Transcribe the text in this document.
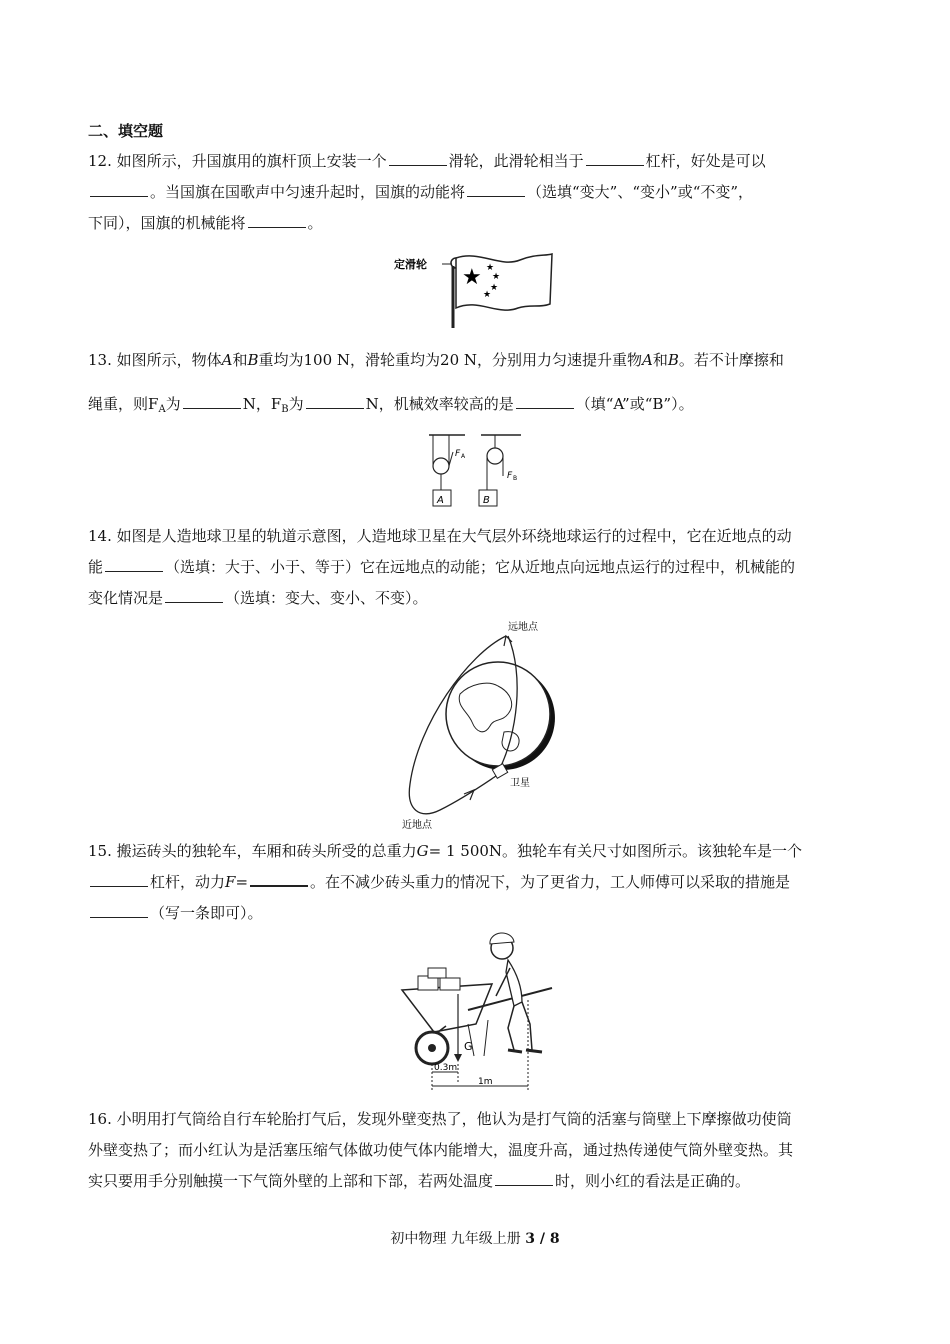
二、填空题
12. 如图所示，升国旗用的旗杆顶上安装一个	滑轮，此滑轮相当于	杠杆，好处是可以
。当国旗在国歌声中匀速升起时，国旗的动能将	（选填“变大”、“变小”或“不变”，
下同），国旗的机械能将	。
定滑轮
★ ★
★
★
★
13. 如图所示，物体A和B重均为100 N，滑轮重均为20 N，分别用力匀速提升重物A和B。若不计摩擦和
绳重，则$F_A$为	N，$F_B$为	N，机械效率较高的是	（填“A”或“B”）。
A
F A
B
F B
14. 如图是人造地球卫星的轨道示意图，人造地球卫星在大气层外环绕地球运行的过程中，它在近地点的动
能	（选填：大于、小于、等于）它在远地点的动能；它从近地点向远地点运行的过程中，机械能的
变化情况是	（选填：变大、变小、不变）。
远地点
近地点
卫星
15. 搬运砖头的独轮车，车厢和砖头所受的总重力G= 1 500N。独轮车有关尺寸如图所示。该独轮车是一个
杠杆，动力F=	。在不减少砖头重力的情况下，为了更省力，工人师傅可以采取的措施是
（写一条即可）。
G
0.3m
1m
16. 小明用打气筒给自行车轮胎打气后，发现外壁变热了，他认为是打气筒的活塞与筒壁上下摩擦做功使筒
外壁变热了；而小红认为是活塞压缩气体做功使气体内能增大，温度升高，通过热传递使气筒外壁变热。其
实只要用手分别触摸一下气筒外壁的上部和下部，若两处温度	时，则小红的看法是正确的。
初中物理 九年级上册 3 / 8
